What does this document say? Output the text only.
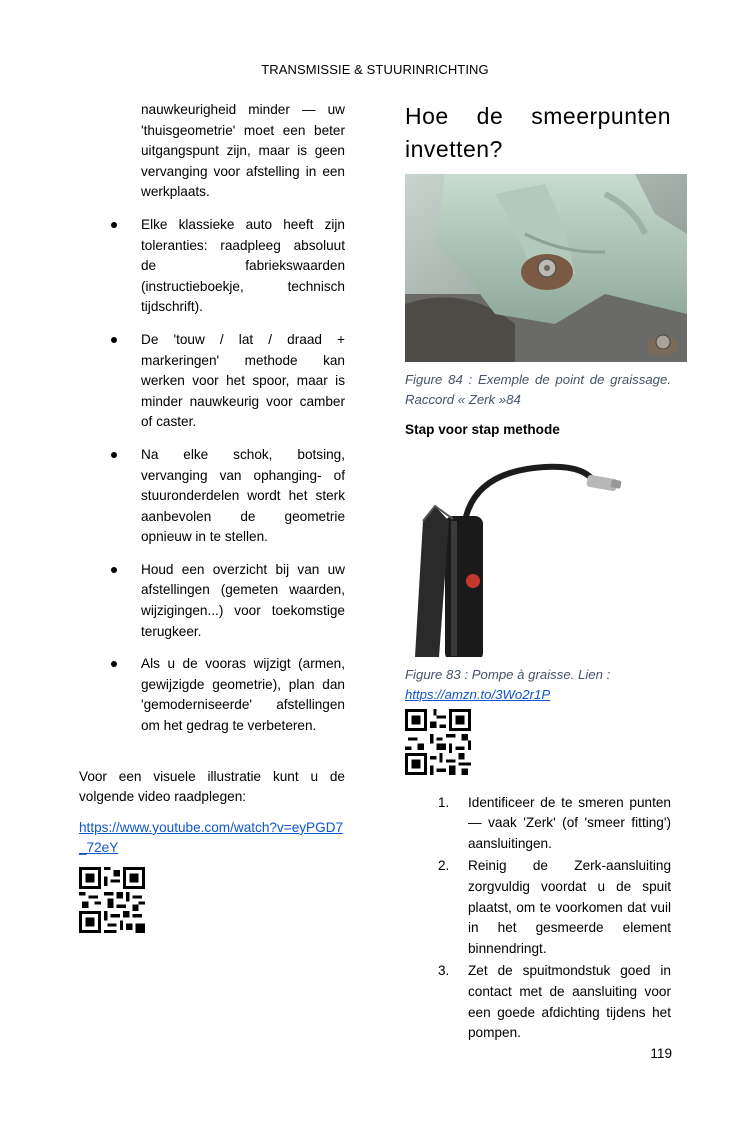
TRANSMISSIE & STUURINRICHTING
nauwkeurigheid minder — uw 'thuisgeometrie' moet een beter uitgangspunt zijn, maar is geen vervanging voor afstelling in een werkplaats.
Elke klassieke auto heeft zijn toleranties: raadpleeg absoluut de fabriekswaarden (instructieboekje, technisch tijdschrift).
De 'touw / lat / draad + markeringen' methode kan werken voor het spoor, maar is minder nauwkeurig voor camber of caster.
Na elke schok, botsing, vervanging van ophanging- of stuuronderdelen wordt het sterk aanbevolen de geometrie opnieuw in te stellen.
Houd een overzicht bij van uw afstellingen (gemeten waarden, wijzigingen...) voor toekomstige terugkeer.
Als u de vooras wijzigt (armen, gewijzigde geometrie), plan dan 'gemoderniseerde' afstellingen om het gedrag te verbeteren.
Voor een visuele illustratie kunt u de volgende video raadplegen:
https://www.youtube.com/watch?v=eyPGD7_72eY
Hoe de smeerpunten invetten?
Figure 84 : Exemple de point de graissage. Raccord « Zerk »84
Stap voor stap methode
Figure 83 : Pompe à graisse. Lien :
https://amzn.to/3Wo2r1P
1. Identificeer de te smeren punten — vaak 'Zerk' (of 'smeer fitting') aansluitingen.
2. Reinig de Zerk-aansluiting zorgvuldig voordat u de spuit plaatst, om te voorkomen dat vuil in het gesmeerde element binnendringt.
3. Zet de spuitmondstuk goed in contact met de aansluiting voor een goede afdichting tijdens het pompen.
119
